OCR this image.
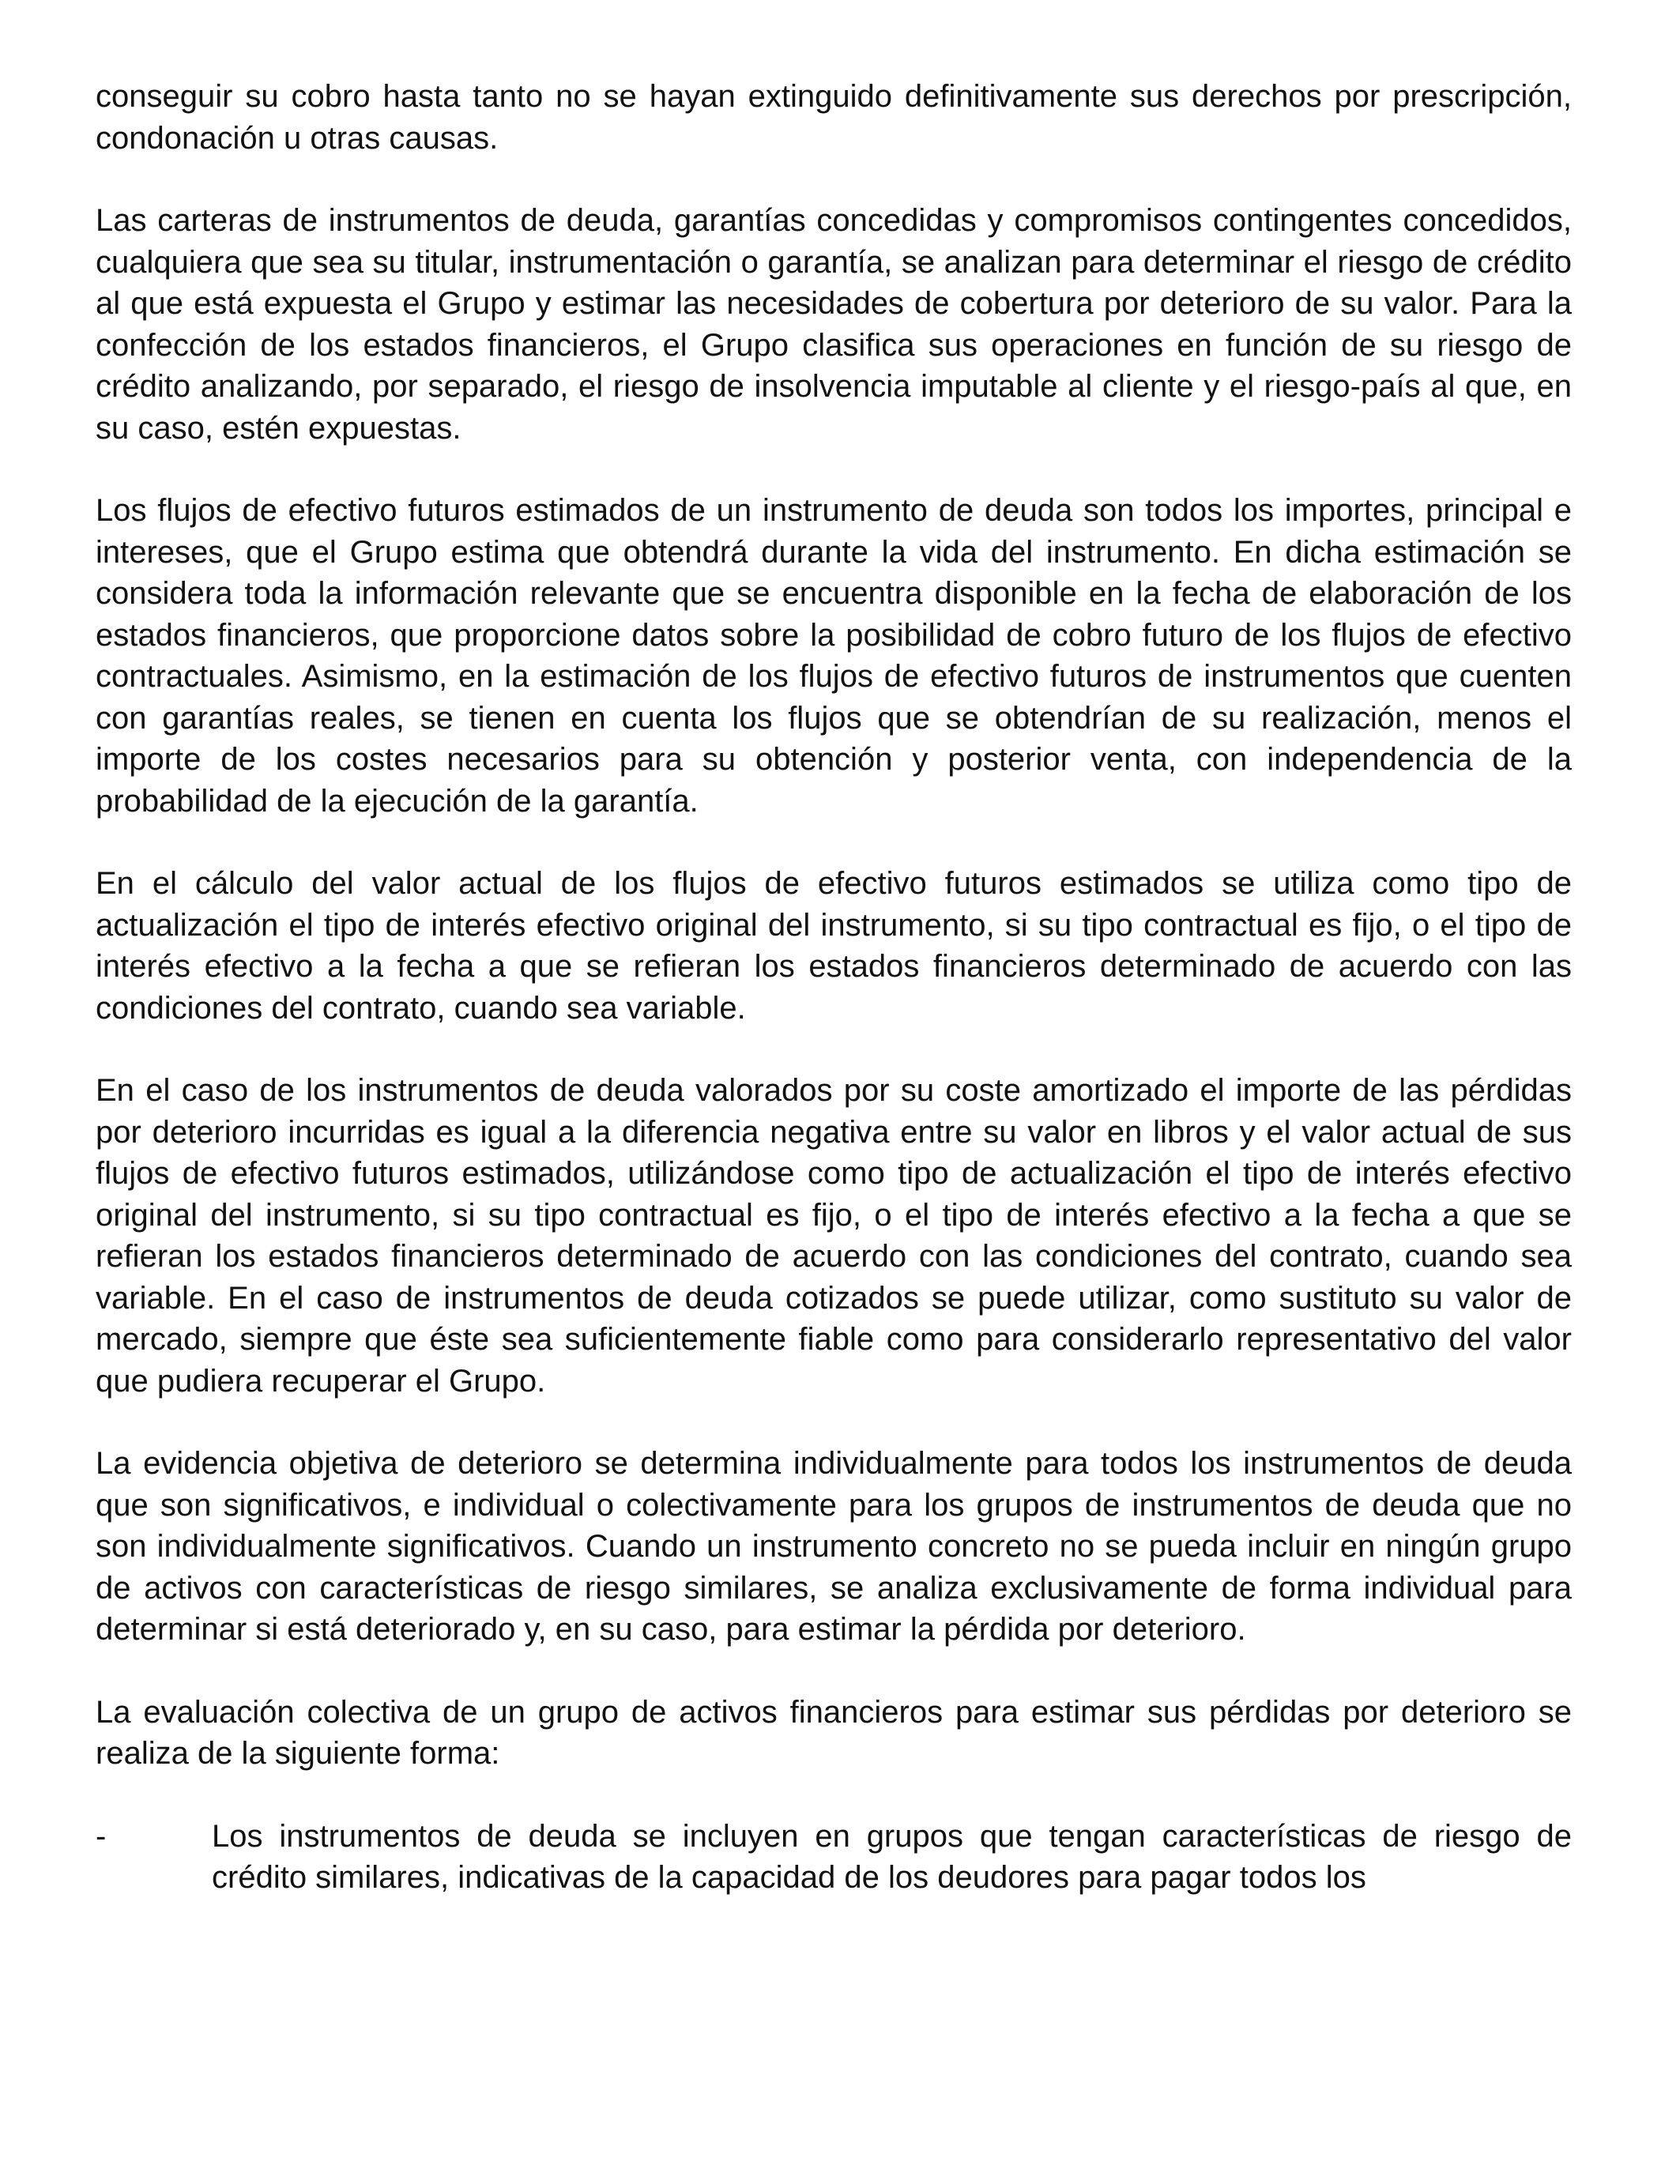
conseguir su cobro hasta tanto no se hayan extinguido definitivamente sus derechos por prescripción, condonación u otras causas.

Las carteras de instrumentos de deuda, garantías concedidas y compromisos contingentes concedidos, cualquiera que sea su titular, instrumentación o garantía, se analizan para determinar el riesgo de crédito al que está expuesta el Grupo y estimar las necesidades de cobertura por deterioro de su valor. Para la confección de los estados financieros, el Grupo clasifica sus operaciones en función de su riesgo de crédito analizando, por separado, el riesgo de insolvencia imputable al cliente y el riesgo-país al que, en su caso, estén expuestas.

Los flujos de efectivo futuros estimados de un instrumento de deuda son todos los importes, principal e intereses, que el Grupo estima que obtendrá durante la vida del instrumento. En dicha estimación se considera toda la información relevante que se encuentra disponible en la fecha de elaboración de los estados financieros, que proporcione datos sobre la posibilidad de cobro futuro de los flujos de efectivo contractuales. Asimismo, en la estimación de los flujos de efectivo futuros de instrumentos que cuenten con garantías reales, se tienen en cuenta los flujos que se obtendrían de su realización, menos el importe de los costes necesarios para su obtención y posterior venta, con independencia de la probabilidad de la ejecución de la garantía.

En el cálculo del valor actual de los flujos de efectivo futuros estimados se utiliza como tipo de actualización el tipo de interés efectivo original del instrumento, si su tipo contractual es fijo, o el tipo de interés efectivo a la fecha a que se refieran los estados financieros determinado de acuerdo con las condiciones del contrato, cuando sea variable.

En el caso de los instrumentos de deuda valorados por su coste amortizado el importe de las pérdidas por deterioro incurridas es igual a la diferencia negativa entre su valor en libros y el valor actual de sus flujos de efectivo futuros estimados, utilizándose como tipo de actualización el tipo de interés efectivo original del instrumento, si su tipo contractual es fijo, o el tipo de interés efectivo a la fecha a que se refieran los estados financieros determinado de acuerdo con las condiciones del contrato, cuando sea variable. En el caso de instrumentos de deuda cotizados se puede utilizar, como sustituto su valor de mercado, siempre que éste sea suficientemente fiable como para considerarlo representativo del valor que pudiera recuperar el Grupo.

La evidencia objetiva de deterioro se determina individualmente para todos los instrumentos de deuda que son significativos, e individual o colectivamente para los grupos de instrumentos de deuda que no son individualmente significativos. Cuando un instrumento concreto no se pueda incluir en ningún grupo de activos con características de riesgo similares, se analiza exclusivamente de forma individual para determinar si está deteriorado y, en su caso, para estimar la pérdida por deterioro.

La evaluación colectiva de un grupo de activos financieros para estimar sus pérdidas por deterioro se realiza de la siguiente forma:

-	Los instrumentos de deuda se incluyen en grupos que tengan características de riesgo de crédito similares, indicativas de la capacidad de los deudores para pagar todos los
